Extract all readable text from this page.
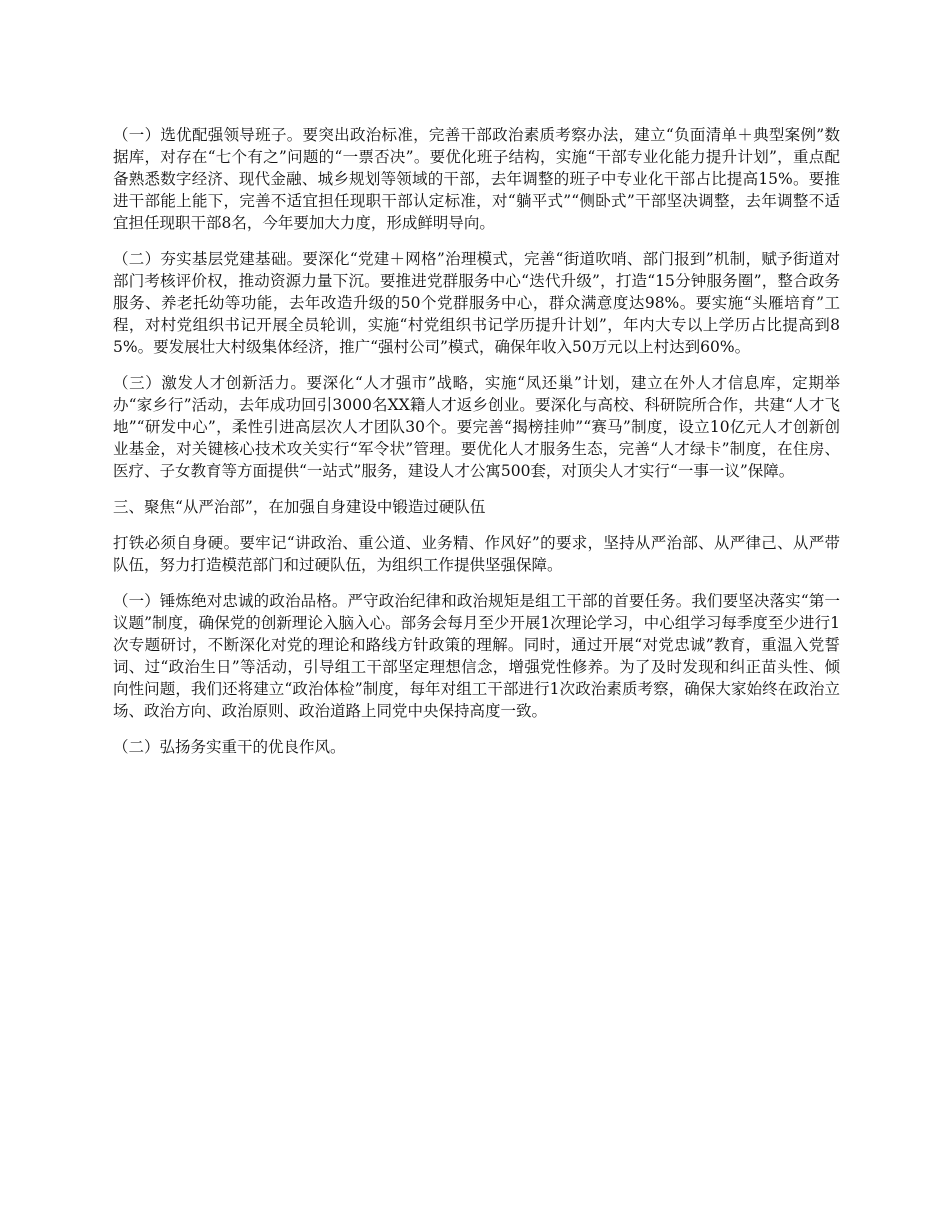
（一）选优配强领导班子。要突出政治标准，完善干部政治素质考察办法，建立“负面清单＋典型案例”数据库，对存在“七个有之”问题的“一票否决”。要优化班子结构，实施“干部专业化能力提升计划”，重点配备熟悉数字经济、现代金融、城乡规划等领域的干部，去年调整的班子中专业化干部占比提高15%。要推进干部能上能下，完善不适宜担任现职干部认定标准，对“躺平式”“侧卧式”干部坚决调整，去年调整不适宜担任现职干部8名，今年要加大力度，形成鲜明导向。

（二）夯实基层党建基础。要深化“党建＋网格”治理模式，完善“街道吹哨、部门报到”机制，赋予街道对部门考核评价权，推动资源力量下沉。要推进党群服务中心“迭代升级”，打造“15分钟服务圈”，整合政务服务、养老托幼等功能，去年改造升级的50个党群服务中心，群众满意度达98%。要实施“头雁培育”工程，对村党组织书记开展全员轮训，实施“村党组织书记学历提升计划”，年内大专以上学历占比提高到85%。要发展壮大村级集体经济，推广“强村公司”模式，确保年收入50万元以上村达到60%。

（三）激发人才创新活力。要深化“人才强市”战略，实施“凤还巢”计划，建立在外人才信息库，定期举办“家乡行”活动，去年成功回引3000名XX籍人才返乡创业。要深化与高校、科研院所合作，共建“人才飞地”“研发中心”，柔性引进高层次人才团队30个。要完善“揭榜挂帅”“赛马”制度，设立10亿元人才创新创业基金，对关键核心技术攻关实行“军令状”管理。要优化人才服务生态，完善“人才绿卡”制度，在住房、医疗、子女教育等方面提供“一站式”服务，建设人才公寓500套，对顶尖人才实行“一事一议”保障。

三、聚焦“从严治部”，在加强自身建设中锻造过硬队伍

打铁必须自身硬。要牢记“讲政治、重公道、业务精、作风好”的要求，坚持从严治部、从严律己、从严带队伍，努力打造模范部门和过硬队伍，为组织工作提供坚强保障。

（一）锤炼绝对忠诚的政治品格。严守政治纪律和政治规矩是组工干部的首要任务。我们要坚决落实“第一议题”制度，确保党的创新理论入脑入心。部务会每月至少开展1次理论学习，中心组学习每季度至少进行1次专题研讨，不断深化对党的理论和路线方针政策的理解。同时，通过开展“对党忠诚”教育，重温入党誓词、过“政治生日”等活动，引导组工干部坚定理想信念，增强党性修养。为了及时发现和纠正苗头性、倾向性问题，我们还将建立“政治体检”制度，每年对组工干部进行1次政治素质考察，确保大家始终在政治立场、政治方向、政治原则、政治道路上同党中央保持高度一致。

（二）弘扬务实重干的优良作风。
